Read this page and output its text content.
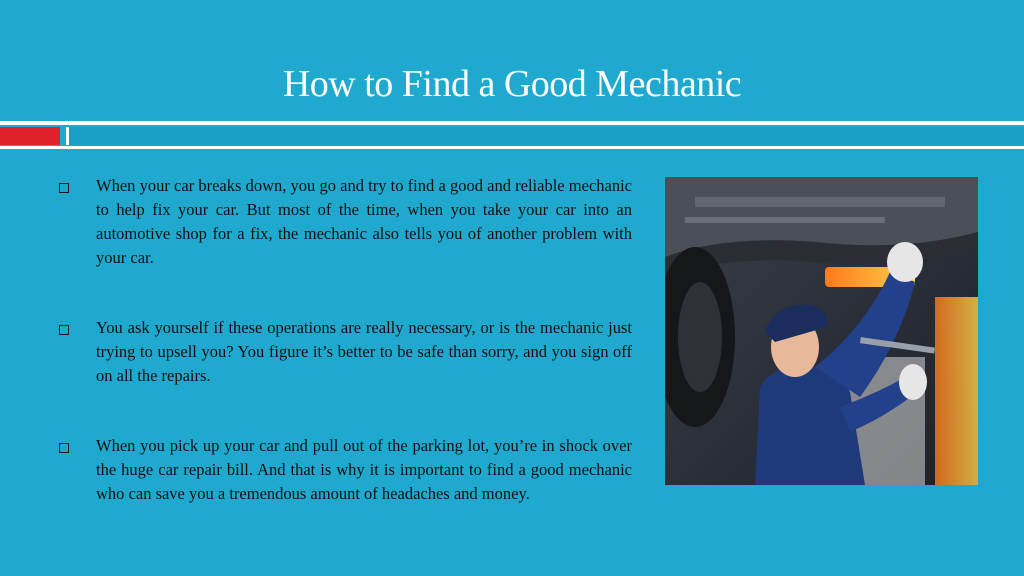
How to Find a Good Mechanic
When your car breaks down, you go and try to find a good and reliable mechanic to help fix your car. But most of the time, when you take your car into an automotive shop for a fix, the mechanic also tells you of another problem with your car.
You ask yourself if these operations are really necessary, or is the mechanic just trying to upsell you? You figure it’s better to be safe than sorry, and you sign off on all the repairs.
When you pick up your car and pull out of the parking lot, you’re in shock over the huge car repair bill. And that is why it is important to find a good mechanic who can save you a tremendous amount of headaches and money.
